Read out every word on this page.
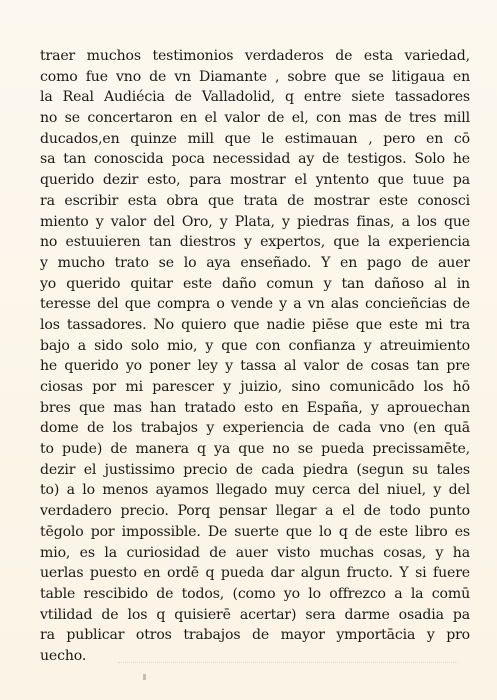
traer muchos testimonios verdaderos de esta variedad,
como fue vno de vn Diamante , sobre que se litigaua en
la Real Audiécia de Valladolid, q entre siete tassadores
no se concertaron en el valor de el, con mas de tres mill
ducados,en quinze mill que le estimauan , pero en cō
sa tan conoscida poca necessidad ay de testigos. Solo he
querido dezir esto, para mostrar el yntento que tuue pa
ra escribir esta obra que trata de mostrar este conosci
miento y valor del Oro, y Plata, y piedras finas, a los que
no estuuieren tan diestros y expertos, que la experiencia
y mucho trato se lo aya enseñado. Y en pago de auer
yo querido quitar este daño comun y tan dañoso al in
teresse del que compra o vende y a vn alas concieñcias de
los tassadores. No quiero que nadie piēse que este mi tra
bajo a sido solo mio, y que con confianza y atreuimiento
he querido yo poner ley y tassa al valor de cosas tan pre
ciosas por mi parescer y juizio, sino comunicādo los hō
bres que mas han tratado esto en España, y aprouechan
dome de los trabajos y experiencia de cada vno (en quā
to pude) de manera q ya que no se pueda precissamēte,
dezir el justissimo precio de cada piedra (segun su tales
to) a lo menos ayamos llegado muy cerca del niuel, y del
verdadero precio. Porq pensar llegar a el de todo punto
tēgolo por impossible. De suerte que lo q de este libro es
mio, es la curiosidad de auer visto muchas cosas, y ha
uerlas puesto en ordē q pueda dar algun fructo. Y si fuere
table rescibido de todos, (como yo lo offrezco a la comū
vtilidad de los q quisierē acertar) sera darme osadia pa
ra publicar otros trabajos de mayor ymportācia y pro
uecho.
